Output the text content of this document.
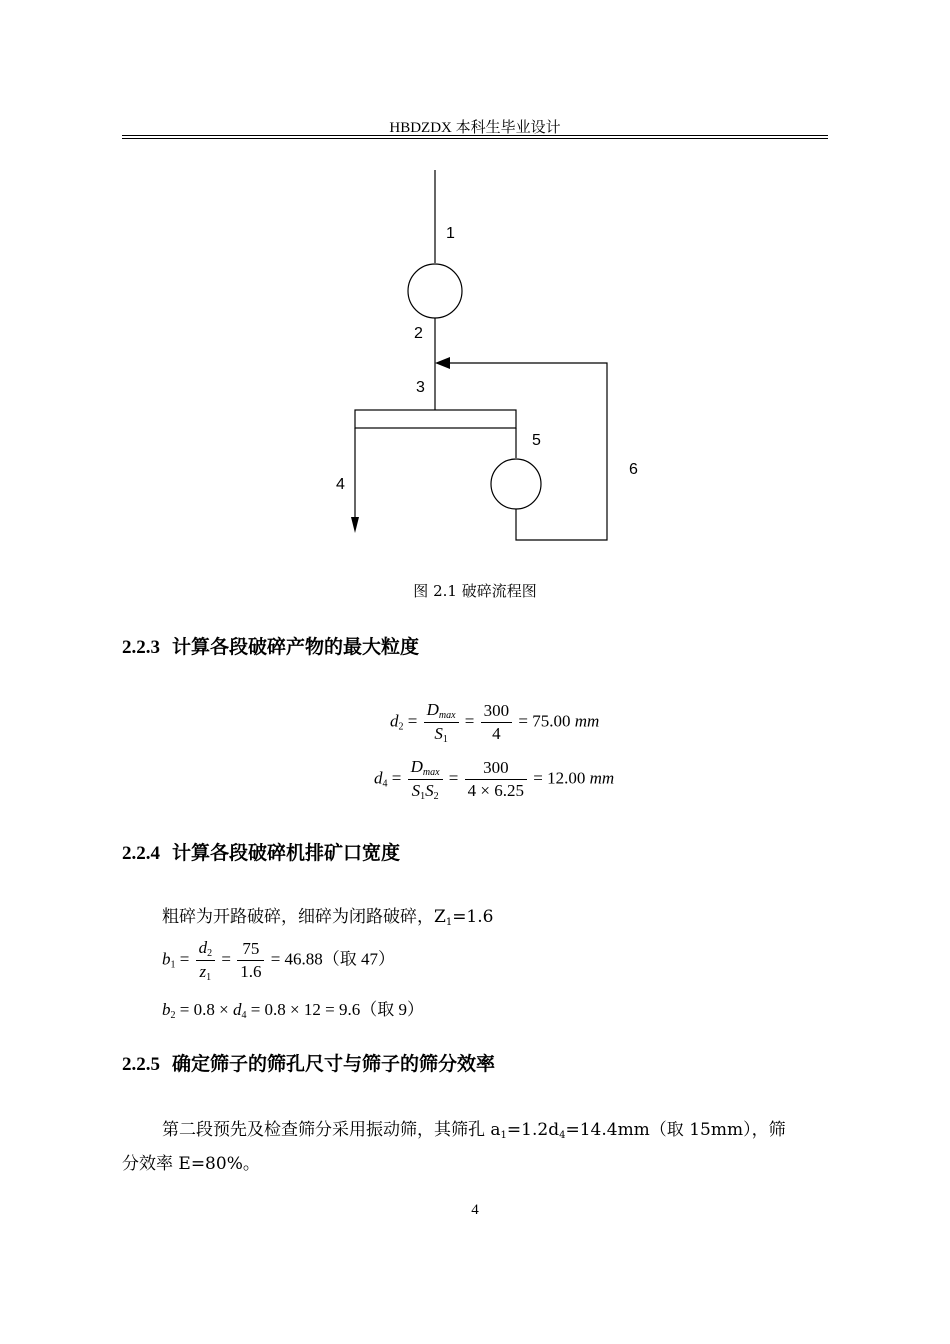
HBDZDX 本科生毕业设计
1
2
3
4
5
6
图 2.1 破碎流程图
2.2.3 计算各段破碎产物的最大粒度
$d_2 = \frac{D_{max}}{S_1} = \frac{300}{4} = 75.00$ mm
$d_4 = \frac{D_{max}}{S_1S_2} = \frac{300}{4 \times 6.25} = 12.00$ mm
2.2.4 计算各段破碎机排矿口宽度
粗碎为开路破碎，细碎为闭路破碎，$Z_1=1.6$
$b_1 = \frac{d_2}{z_1} = \frac{75}{1.6} = 46.88$（取 47）
$b_2 = 0.8 \times d_4 = 0.8 \times 12 = 9.6$（取 9）
2.2.5 确定筛子的筛孔尺寸与筛子的筛分效率
第二段预先及检查筛分采用振动筛，其筛孔 $a_1=1.2d_4=14.4mm$（取 15mm），筛
分效率 E=80%。
4
